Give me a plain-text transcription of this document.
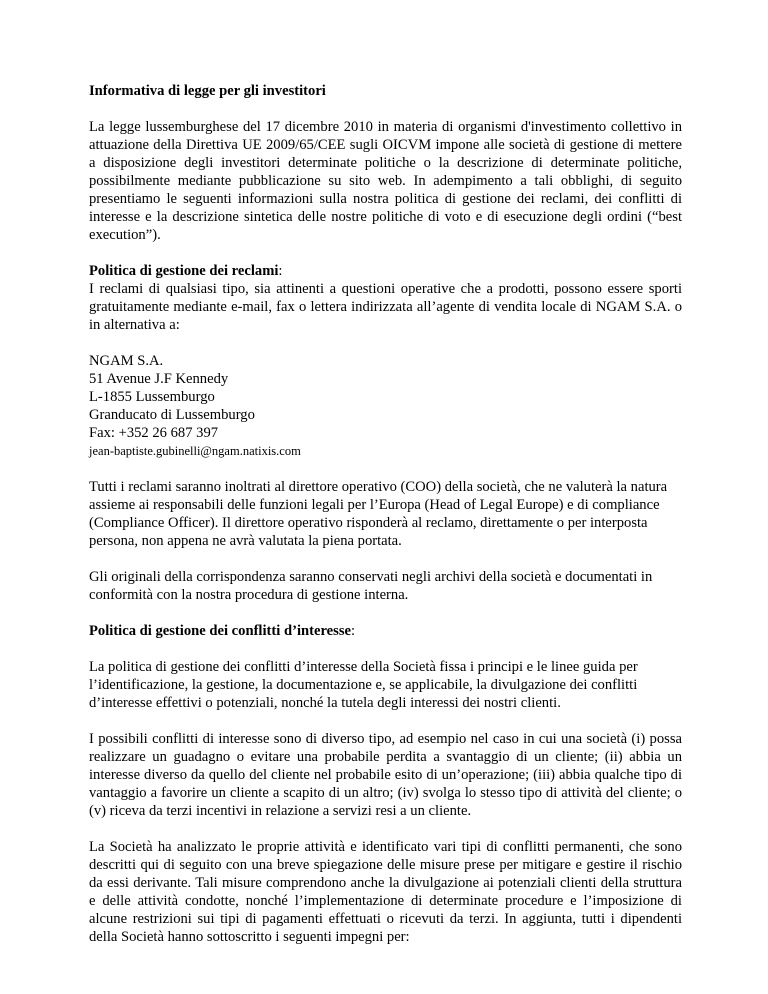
Informativa di legge per gli investitori

La legge lussemburghese del 17 dicembre 2010 in materia di organismi d'investimento collettivo in attuazione della Direttiva UE 2009/65/CEE sugli OICVM impone alle società di gestione di mettere a disposizione degli investitori determinate politiche o la descrizione di determinate politiche, possibilmente mediante pubblicazione su sito web. In adempimento a tali obblighi, di seguito presentiamo le seguenti informazioni sulla nostra politica di gestione dei reclami, dei conflitti di interesse e la descrizione sintetica delle nostre politiche di voto e di esecuzione degli ordini (“best execution”).

Politica di gestione dei reclami:

I reclami di qualsiasi tipo, sia attinenti a questioni operative che a prodotti, possono essere sporti gratuitamente mediante e-mail, fax o lettera indirizzata all’agente di vendita locale di NGAM S.A. o in alternativa a:

NGAM S.A.
51 Avenue J.F Kennedy
L-1855 Lussemburgo
Granducato di Lussemburgo
Fax: +352 26 687 397
jean-baptiste.gubinelli@ngam.natixis.com

Tutti i reclami saranno inoltrati al direttore operativo (COO) della società, che ne valuterà la natura assieme ai responsabili delle funzioni legali per l’Europa (Head of Legal Europe) e di compliance (Compliance Officer). Il direttore operativo risponderà al reclamo, direttamente o per interposta persona, non appena ne avrà valutata la piena portata.

Gli originali della corrispondenza saranno conservati negli archivi della società e documentati in conformità con la nostra procedura di gestione interna.

Politica di gestione dei conflitti d’interesse:

La politica di gestione dei conflitti d’interesse della Società fissa i principi e le linee guida per l’identificazione, la gestione, la documentazione e, se applicabile, la divulgazione dei conflitti d’interesse effettivi o potenziali, nonché la tutela degli interessi dei nostri clienti.

I possibili conflitti di interesse sono di diverso tipo, ad esempio nel caso in cui una società (i) possa realizzare un guadagno o evitare una probabile perdita a svantaggio di un cliente; (ii) abbia un interesse diverso da quello del cliente nel probabile esito di un’operazione; (iii) abbia qualche tipo di vantaggio a favorire un cliente a scapito di un altro; (iv) svolga lo stesso tipo di attività del cliente; o (v) riceva da terzi incentivi in relazione a servizi resi a un cliente.

La Società ha analizzato le proprie attività e identificato vari tipi di conflitti permanenti, che sono descritti qui di seguito con una breve spiegazione delle misure prese per mitigare e gestire il rischio da essi derivante. Tali misure comprendono anche la divulgazione ai potenziali clienti della struttura e delle attività condotte, nonché l’implementazione di determinate procedure e l’imposizione di alcune restrizioni sui tipi di pagamenti effettuati o ricevuti da terzi. In aggiunta, tutti i dipendenti della Società hanno sottoscritto i seguenti impegni per:
